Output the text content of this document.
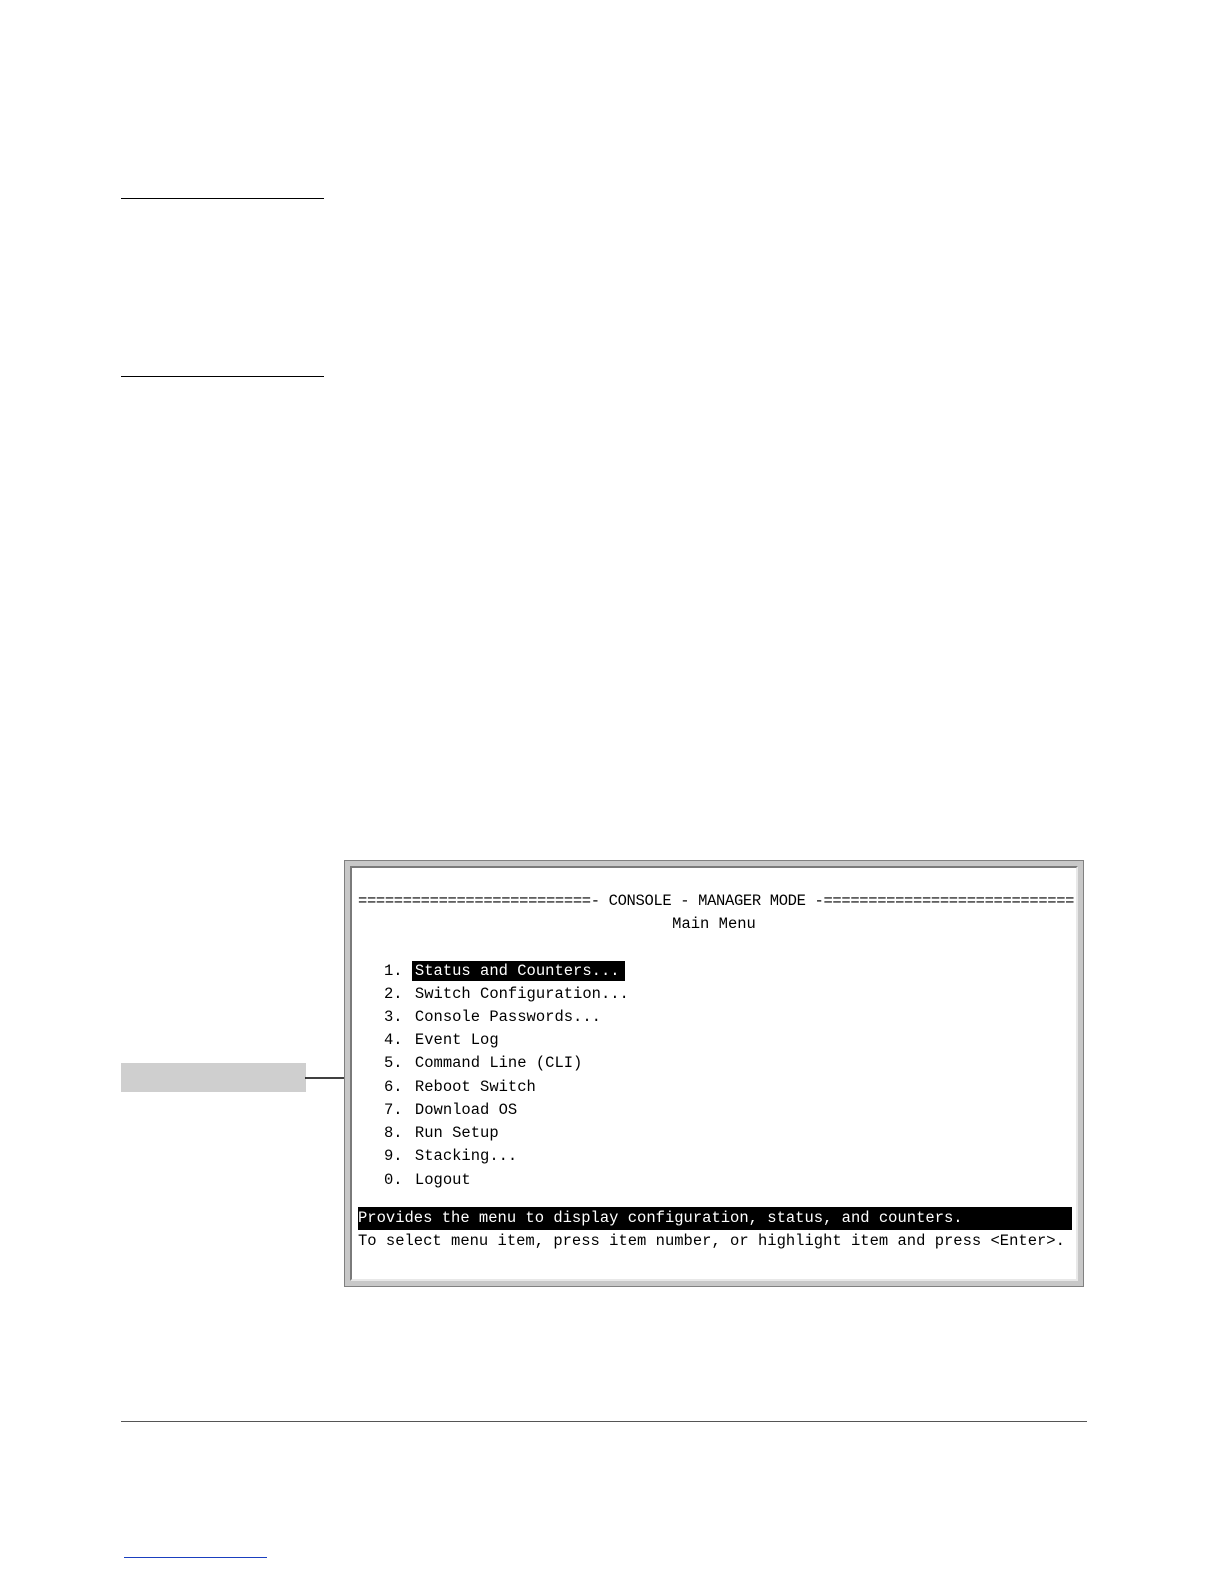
==========================- CONSOLE - MANAGER MODE -============================
Main Menu
1. Status and Counters...
2. Switch Configuration...
3. Console Passwords...
4. Event Log
5. Command Line (CLI)
6. Reboot Switch
7. Download OS
8. Run Setup
9. Stacking...
0. Logout
Provides the menu to display configuration, status, and counters.
To select menu item, press item number, or highlight item and press <Enter>.
